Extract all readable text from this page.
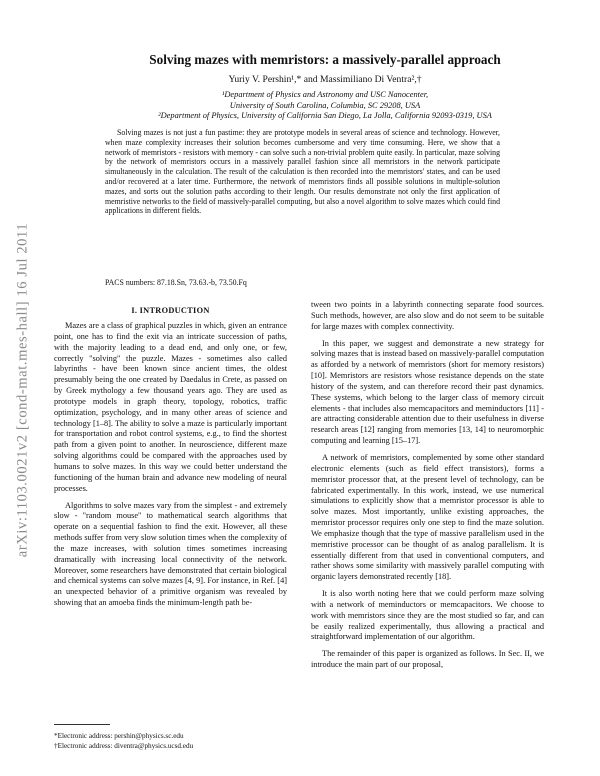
arXiv:1103.0021v2 [cond-mat.mes-hall] 16 Jul 2011
Solving mazes with memristors: a massively-parallel approach
Yuriy V. Pershin¹,* and Massimiliano Di Ventra²,†
¹Department of Physics and Astronomy and USC Nanocenter,
University of South Carolina, Columbia, SC 29208, USA
²Department of Physics, University of California San Diego, La Jolla, California 92093-0319, USA

Solving mazes is not just a fun pastime: they are prototype models in several areas of science and technology. However, when maze complexity increases their solution becomes cumbersome and very time consuming. Here, we show that a network of memristors - resistors with memory - can solve such a non-trivial problem quite easily. In particular, maze solving by the network of memristors occurs in a massively parallel fashion since all memristors in the network participate simultaneously in the calculation. The result of the calculation is then recorded into the memristors' states, and can be used and/or recovered at a later time. Furthermore, the network of memristors finds all possible solutions in multiple-solution mazes, and sorts out the solution paths according to their length. Our results demonstrate not only the first application of memristive networks to the field of massively-parallel computing, but also a novel algorithm to solve mazes which could find applications in different fields.

PACS numbers: 87.18.Sn, 73.63.-b, 73.50.Fq
I. INTRODUCTION

Mazes are a class of graphical puzzles in which, given an entrance point, one has to find the exit via an intricate succession of paths, with the majority leading to a dead end, and only one, or few, correctly "solving" the puzzle. Mazes - sometimes also called labyrinths - have been known since ancient times, the oldest presumably being the one created by Daedalus in Crete, as passed on by Greek mythology a few thousand years ago. They are used as prototype models in graph theory, topology, robotics, traffic optimization, psychology, and in many other areas of science and technology [1–8]. The ability to solve a maze is particularly important for transportation and robot control systems, e.g., to find the shortest path from a given point to another. In neuroscience, different maze solving algorithms could be compared with the approaches used by humans to solve mazes. In this way we could better understand the functioning of the human brain and advance new modeling of neural processes.

Algorithms to solve mazes vary from the simplest - and extremely slow - "random mouse" to mathematical search algorithms that operate on a sequential fashion to find the exit. However, all these methods suffer from very slow solution times when the complexity of the maze increases, with solution times sometimes increasing dramatically with increasing local connectivity of the network. Moreover, some researchers have demonstrated that certain biological and chemical systems can solve mazes [4, 9]. For instance, in Ref. [4] an unexpected behavior of a primitive organism was revealed by showing that an amoeba finds the minimum-length path be-

tween two points in a labyrinth connecting separate food sources. Such methods, however, are also slow and do not seem to be suitable for large mazes with complex connectivity.

In this paper, we suggest and demonstrate a new strategy for solving mazes that is instead based on massively-parallel computation as afforded by a network of memristors (short for memory resistors) [10]. Memristors are resistors whose resistance depends on the state history of the system, and can therefore record their past dynamics. These systems, which belong to the larger class of memory circuit elements - that includes also memcapacitors and meminductors [11] - are attracting considerable attention due to their usefulness in diverse research areas [12] ranging from memories [13, 14] to neuromorphic computing and learning [15–17].

A network of memristors, complemented by some other standard electronic elements (such as field effect transistors), forms a memristor processor that, at the present level of technology, can be fabricated experimentally. In this work, instead, we use numerical simulations to explicitly show that a memristor processor is able to solve mazes. Most importantly, unlike existing approaches, the memristor processor requires only one step to find the maze solution. We emphasize though that the type of massive parallelism used in the memristive processor can be thought of as analog parallelism. It is essentially different from that used in conventional computers, and rather shows some similarity with massively parallel computing with organic layers demonstrated recently [18].

It is also worth noting here that we could perform maze solving with a network of meminductors or memcapacitors. We choose to work with memristors since they are the most studied so far, and can be easily realized experimentally, thus allowing a practical and straightforward implementation of our algorithm.

The remainder of this paper is organized as follows. In Sec. II, we introduce the main part of our proposal,

*Electronic address: pershin@physics.sc.edu
†Electronic address: diventra@physics.ucsd.edu
